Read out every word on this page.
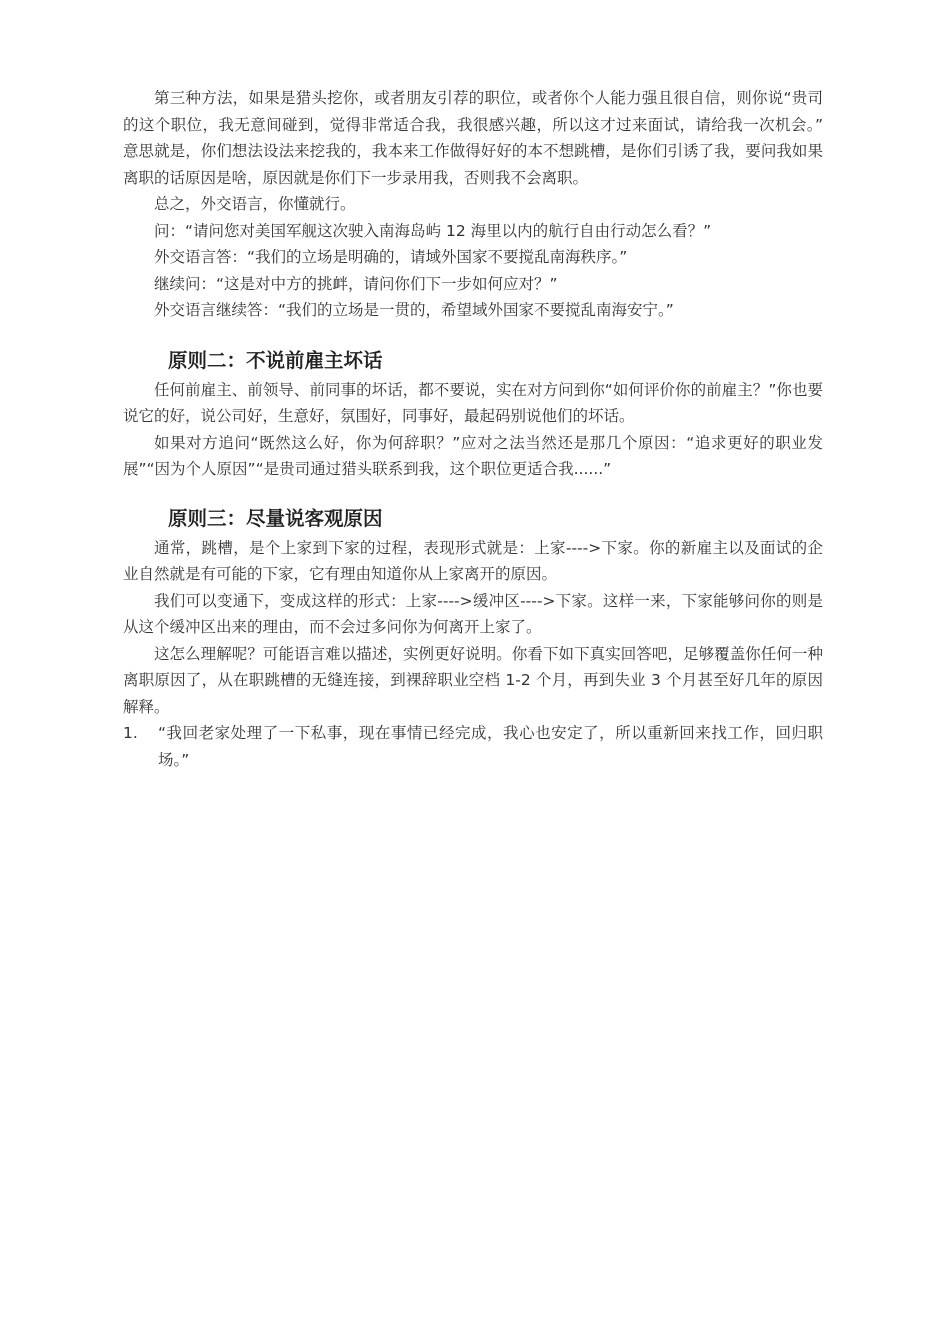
第三种方法，如果是猎头挖你，或者朋友引荐的职位，或者你个人能力强且很自信，则你说“贵司的这个职位，我无意间碰到，觉得非常适合我，我很感兴趣，所以这才过来面试，请给我一次机会。” 意思就是，你们想法设法来挖我的，我本来工作做得好好的本不想跳槽，是你们引诱了我，要问我如果离职的话原因是啥，原因就是你们下一步录用我，否则我不会离职。

总之，外交语言，你懂就行。

问：“请问您对美国军舰这次驶入南海岛屿 12 海里以内的航行自由行动怎么看？”

外交语言答：“我们的立场是明确的，请域外国家不要搅乱南海秩序。”

继续问：“这是对中方的挑衅，请问你们下一步如何应对？”

外交语言继续答：“我们的立场是一贯的，希望域外国家不要搅乱南海安宁。”

原则二：不说前雇主坏话

任何前雇主、前领导、前同事的坏话，都不要说，实在对方问到你“如何评价你的前雇主？”你也要说它的好，说公司好，生意好，氛围好，同事好，最起码别说他们的坏话。

如果对方追问“既然这么好，你为何辞职？”应对之法当然还是那几个原因：“追求更好的职业发展”“因为个人原因”“是贵司通过猎头联系到我，这个职位更适合我......”

原则三：尽量说客观原因

通常，跳槽，是个上家到下家的过程，表现形式就是：上家---->下家。你的新雇主以及面试的企业自然就是有可能的下家，它有理由知道你从上家离开的原因。

我们可以变通下，变成这样的形式：上家---->缓冲区---->下家。这样一来，下家能够问你的则是从这个缓冲区出来的理由，而不会过多问你为何离开上家了。

这怎么理解呢？可能语言难以描述，实例更好说明。你看下如下真实回答吧，足够覆盖你任何一种离职原因了，从在职跳槽的无缝连接，到裸辞职业空档 1-2 个月，再到失业 3 个月甚至好几年的原因解释。

1.	“我回老家处理了一下私事，现在事情已经完成，我心也安定了，所以重新回来找工作，回归职场。”
